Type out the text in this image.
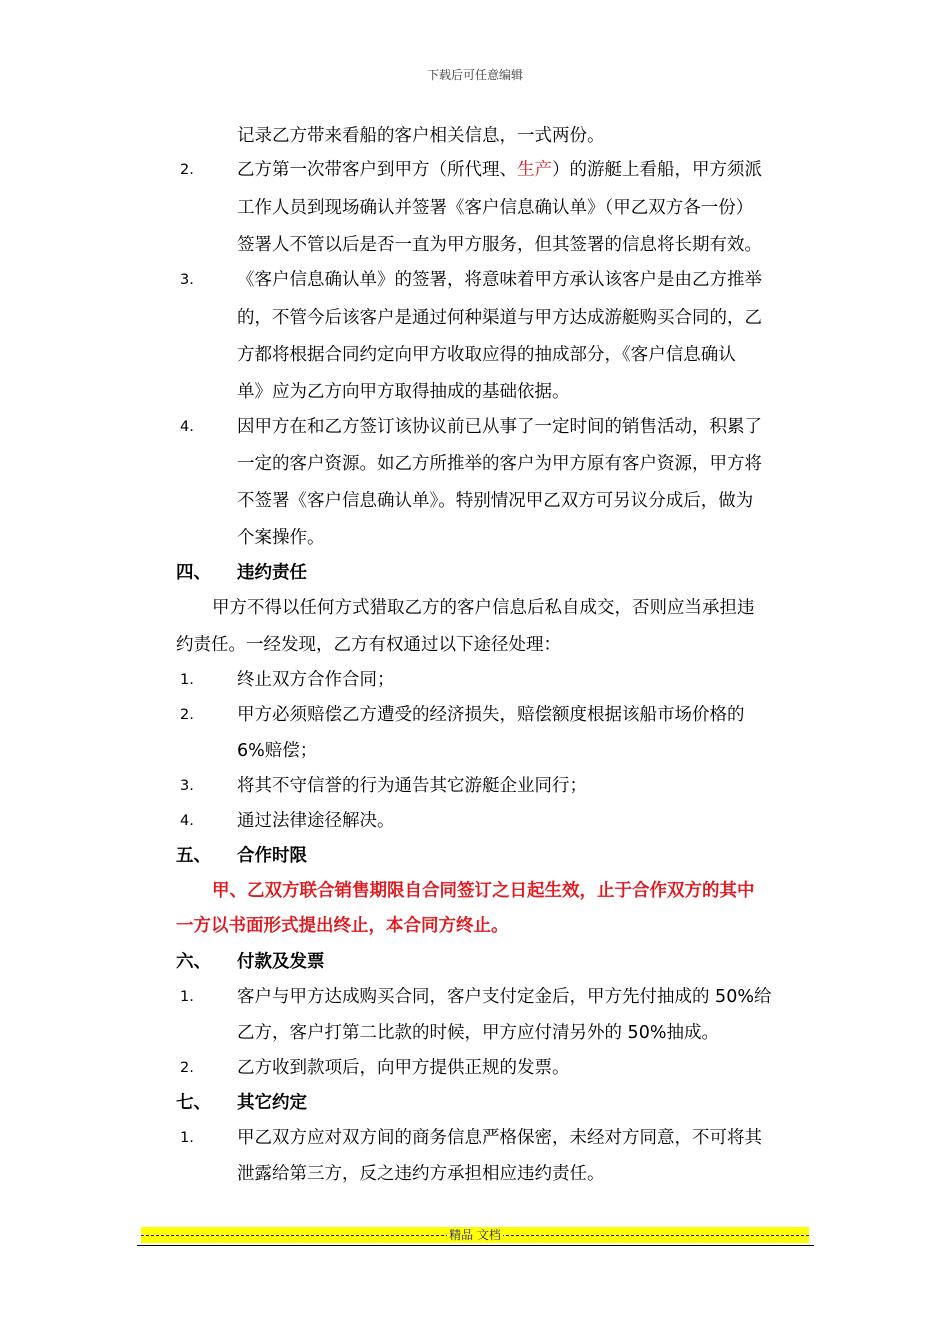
下载后可任意编辑
记录乙方带来看船的客户相关信息，一式两份。
2. 乙方第一次带客户到甲方（所代理、生产）的游艇上看船，甲方须派
工作人员到现场确认并签署《客户信息确认单》（甲乙双方各一份）
签署人不管以后是否一直为甲方服务，但其签署的信息将长期有效。
3. 《客户信息确认单》的签署，将意味着甲方承认该客户是由乙方推举
的，不管今后该客户是通过何种渠道与甲方达成游艇购买合同的，乙
方都将根据合同约定向甲方收取应得的抽成部分，《客户信息确认
单》应为乙方向甲方取得抽成的基础依据。
4. 因甲方在和乙方签订该协议前已从事了一定时间的销售活动，积累了
一定的客户资源。如乙方所推举的客户为甲方原有客户资源，甲方将
不签署《客户信息确认单》。特别情况甲乙双方可另议分成后，做为
个案操作。
四、 违约责任
甲方不得以任何方式猎取乙方的客户信息后私自成交，否则应当承担违
约责任。一经发现，乙方有权通过以下途径处理：
1. 终止双方合作合同；
2. 甲方必须赔偿乙方遭受的经济损失，赔偿额度根据该船市场价格的
6%赔偿；
3. 将其不守信誉的行为通告其它游艇企业同行；
4. 通过法律途径解决。
五、 合作时限
甲、乙双方联合销售期限自合同签订之日起生效，止于合作双方的其中
一方以书面形式提出终止，本合同方终止。
六、 付款及发票
1. 客户与甲方达成购买合同，客户支付定金后，甲方先付抽成的 50%给
乙方，客户打第二比款的时候，甲方应付清另外的 50%抽成。
2. 乙方收到款项后，向甲方提供正规的发票。
七、 其它约定
1. 甲乙双方应对双方间的商务信息严格保密，未经对方同意，不可将其
泄露给第三方，反之违约方承担相应违约责任。
精品 文档
